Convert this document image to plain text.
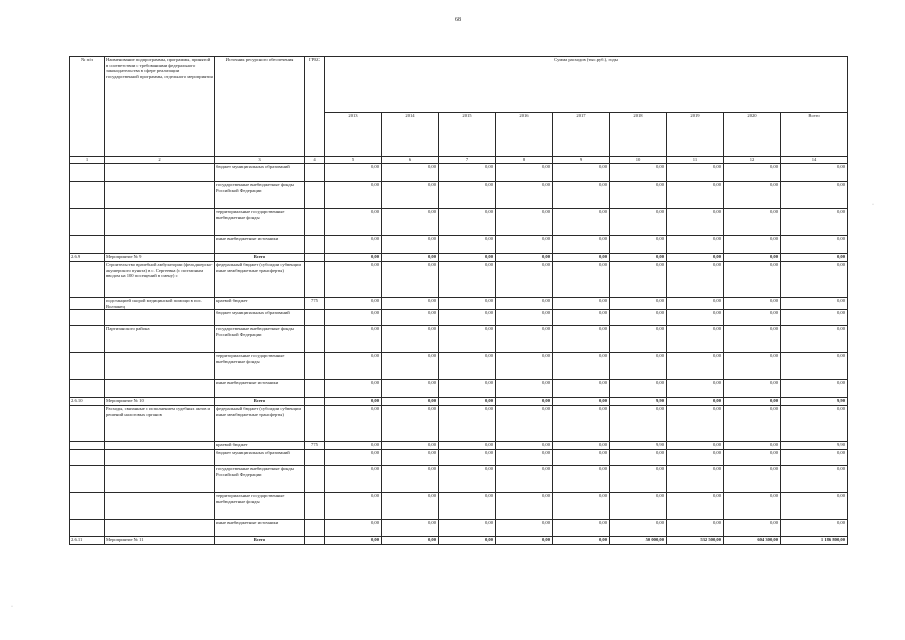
68
№ п/п	Наименование подпрограммы, программы, принятой в соответствии с требованиями федерального законодательства в сфере реализации государственной программы, отдельного мероприятия	Источник ресурсного обеспечения	ГРБС	Сумма расходов (тыс.руб.), годы								
				2013	2014	2015	2016	2017	2018	2019	2020	Всего
1	2	3	4	5	6	7	8	9	10	11	12	14
		бюджет муниципальных образований		0,00	0,00	0,00	0,00	0,00	0,00	0,00	0,00	0,00
		государственные внебюджетные фонды Российской Федерации		0,00	0,00	0,00	0,00	0,00	0,00	0,00	0,00	0,00
		территориальные государственные внебюджетные фонды		0,00	0,00	0,00	0,00	0,00	0,00	0,00	0,00	0,00
		иные внебюджетные источники		0,00	0,00	0,00	0,00	0,00	0,00	0,00	0,00	0,00
2.6.9	Мероприятие № 9	Всего		0,00	0,00	0,00	0,00	0,00	0,00	0,00	0,00	0,00
	Строительство врачебной амбулатории (фельдшерско-акушерского пункта) в с. Сергеевка (с поэтапным вводом на 100 посещений в смену) с	федеральный бюджет (субсидии субвенции иные межбюджетные трансферты)		0,00	0,00	0,00	0,00	0,00	0,00	0,00	0,00	0,00
	подстанцией скорой медицинской помощи в пос. Волчанец	краевой бюджет	775	0,00	0,00	0,00	0,00	0,00	0,00	0,00	0,00	0,00
		бюджет муниципальных образований		0,00	0,00	0,00	0,00	0,00	0,00	0,00	0,00	0,00
	Партизанского района	государственные внебюджетные фонды Российской Федерации		0,00	0,00	0,00	0,00	0,00	0,00	0,00	0,00	0,00
		территориальные государственные внебюджетные фонды		0,00	0,00	0,00	0,00	0,00	0,00	0,00	0,00	0,00
		иные внебюджетные источники		0,00	0,00	0,00	0,00	0,00	0,00	0,00	0,00	0,00
2.6.10	Мероприятие № 10	Всего		0,00	0,00	0,00	0,00	0,00	9,90	0,00	0,00	9,90
	Расходы, связанные с исполнением судебных актов и решений налоговых органов	федеральный бюджет (субсидии субвенции иные межбюджетные трансферты)		0,00	0,00	0,00	0,00	0,00	0,00	0,00	0,00	0,00
		краевой бюджет	775	0,00	0,00	0,00	0,00	0,00	9,90	0,00	0,00	9,90
		бюджет муниципальных образований		0,00	0,00	0,00	0,00	0,00	0,00	0,00	0,00	0,00
		государственные внебюджетные фонды Российской Федерации		0,00	0,00	0,00	0,00	0,00	0,00	0,00	0,00	0,00
		территориальные государственные внебюджетные фонды		0,00	0,00	0,00	0,00	0,00	0,00	0,00	0,00	0,00
		иные внебюджетные источники		0,00	0,00	0,00	0,00	0,00	0,00	0,00	0,00	0,00
2.6.11	Мероприятие № 11	Всего		0,00	0,00	0,00	0,00	0,00	50 000,00	532 500,00	604 300,00	1 186 800,00
·
·
